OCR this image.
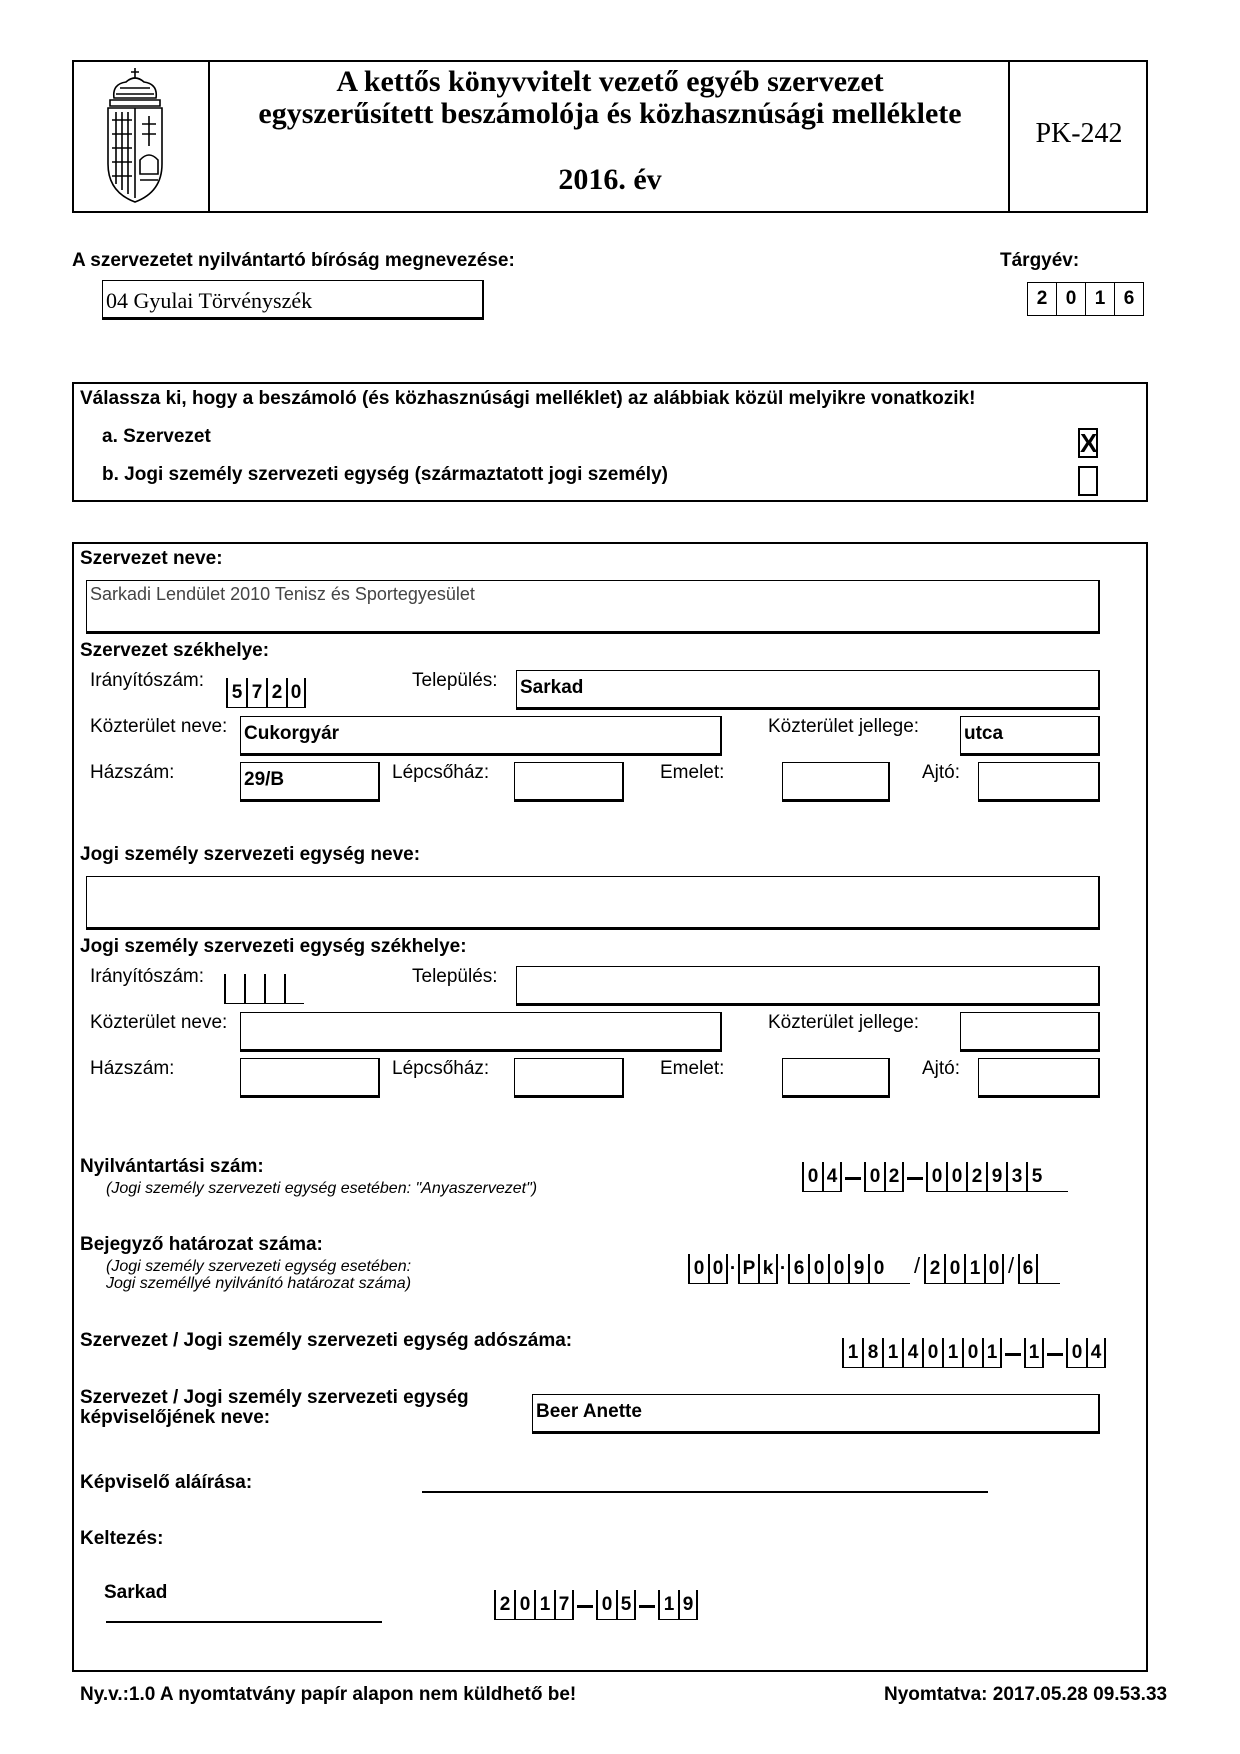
A kettős könyvvitelt vezető egyéb szervezet
egyszerűsített beszámolója és közhasznúsági melléklete
2016. év
PK-242
A szervezetet nyilvántartó bíróság megnevezése:
04 Gyulai Törvényszék
Tárgyév:
2 0 1 6
Válassza ki, hogy a beszámoló (és közhasznúsági melléklet) az alábbiak közül melyikre vonatkozik!
a. Szervezet	X
b. Jogi személy szervezeti egység (származtatott jogi személy)
Szervezet neve:
Sarkadi Lendület 2010 Tenisz és Sportegyesület
Szervezet székhelye:
Irányítószám:
5 7 2 0
Település: Sarkad
Közterület neve: Cukorgyár	Közterület jellege: utca
Házszám:	29/B	Lépcsőház:	Emelet:	Ajtó:
Jogi személy szervezeti egység neve:
Jogi személy szervezeti egység székhelye:
Irányítószám:	Település:
Közterület neve:	Közterület jellege:
Házszám:	Lépcsőház:	Emelet:	Ajtó:
Nyilvántartási szám:
(Jogi személy szervezeti egység esetében: "Anyaszervezet")
0 4	0 2	0 0 2 9 3 5
Bejegyző határozat száma:
(Jogi személy szervezeti egység esetében:
Jogi személlyé nyilvánító határozat száma)
0 0 · P k · 6 0 0 9 0 / 2 0 1 0 / 6
Szervezet / Jogi személy szervezeti egység adószáma:
1 8 1 4 0 1 0 1 1	0 4
Szervezet / Jogi személy szervezeti egység
képviselőjének neve:	Beer Anette
Képviselő aláírása:
Keltezés:
Sarkad
2 0 1 7	0 5	1 9
Ny.v.:1.0 A nyomtatvány papír alapon nem küldhető be!	Nyomtatva: 2017.05.28 09.53.33
